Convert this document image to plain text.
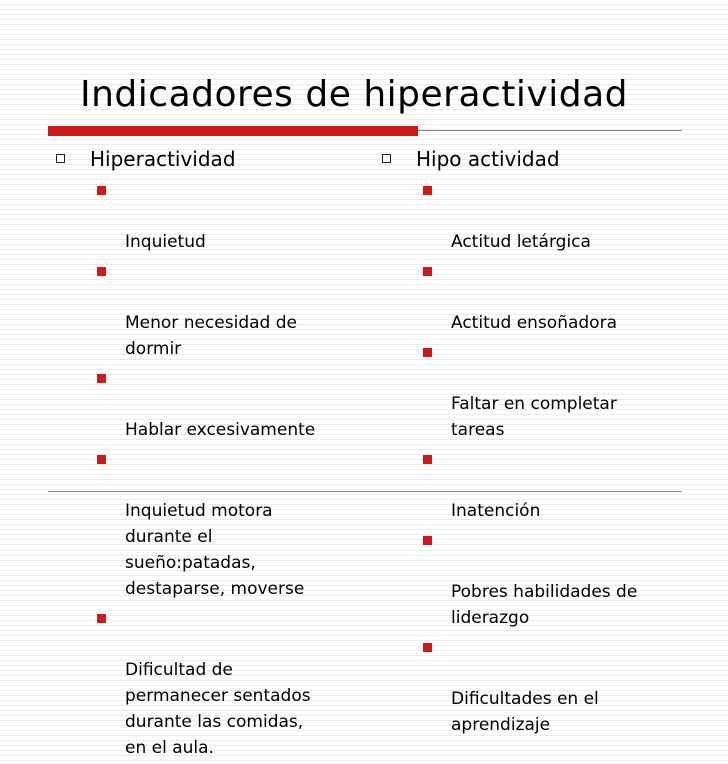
Indicadores de hiperactividad
Hiperactividad

Inquietud

Menor necesidad de
dormir

Hablar excesivamente

Inquietud motora
durante el
sueño:patadas,
destaparse, moverse

Dificultad de
permanecer sentados
durante las comidas,
en el aula.

Hipo actividad

Actitud letárgica

Actitud ensoñadora

Faltar en completar
tareas

Inatención

Pobres habilidades de
liderazgo

Dificultades en el
aprendizaje
